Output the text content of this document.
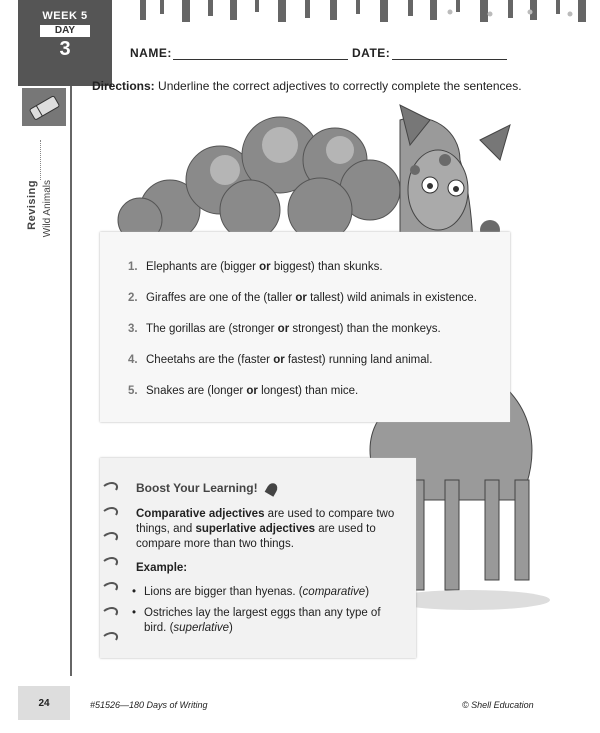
WEEK 5
DAY
3
Revising Wild Animals
NAME:	DATE:
Directions: Underline the correct adjectives to correctly complete the sentences.
1. Elephants are (bigger or biggest) than skunks.
2. Giraffes are one of the (taller or tallest) wild animals in existence.
3. The gorillas are (stronger or strongest) than the monkeys.
4. Cheetahs are the (faster or fastest) running land animal.
5. Snakes are (longer or longest) than mice.
Boost Your Learning!
Comparative adjectives are used to compare two things, and superlative adjectives are used to compare more than two things.
Example:
• Lions are bigger than hyenas. (comparative)
• Ostriches lay the largest eggs than any type of bird. (superlative)
24	#51526—180 Days of Writing	© Shell Education
